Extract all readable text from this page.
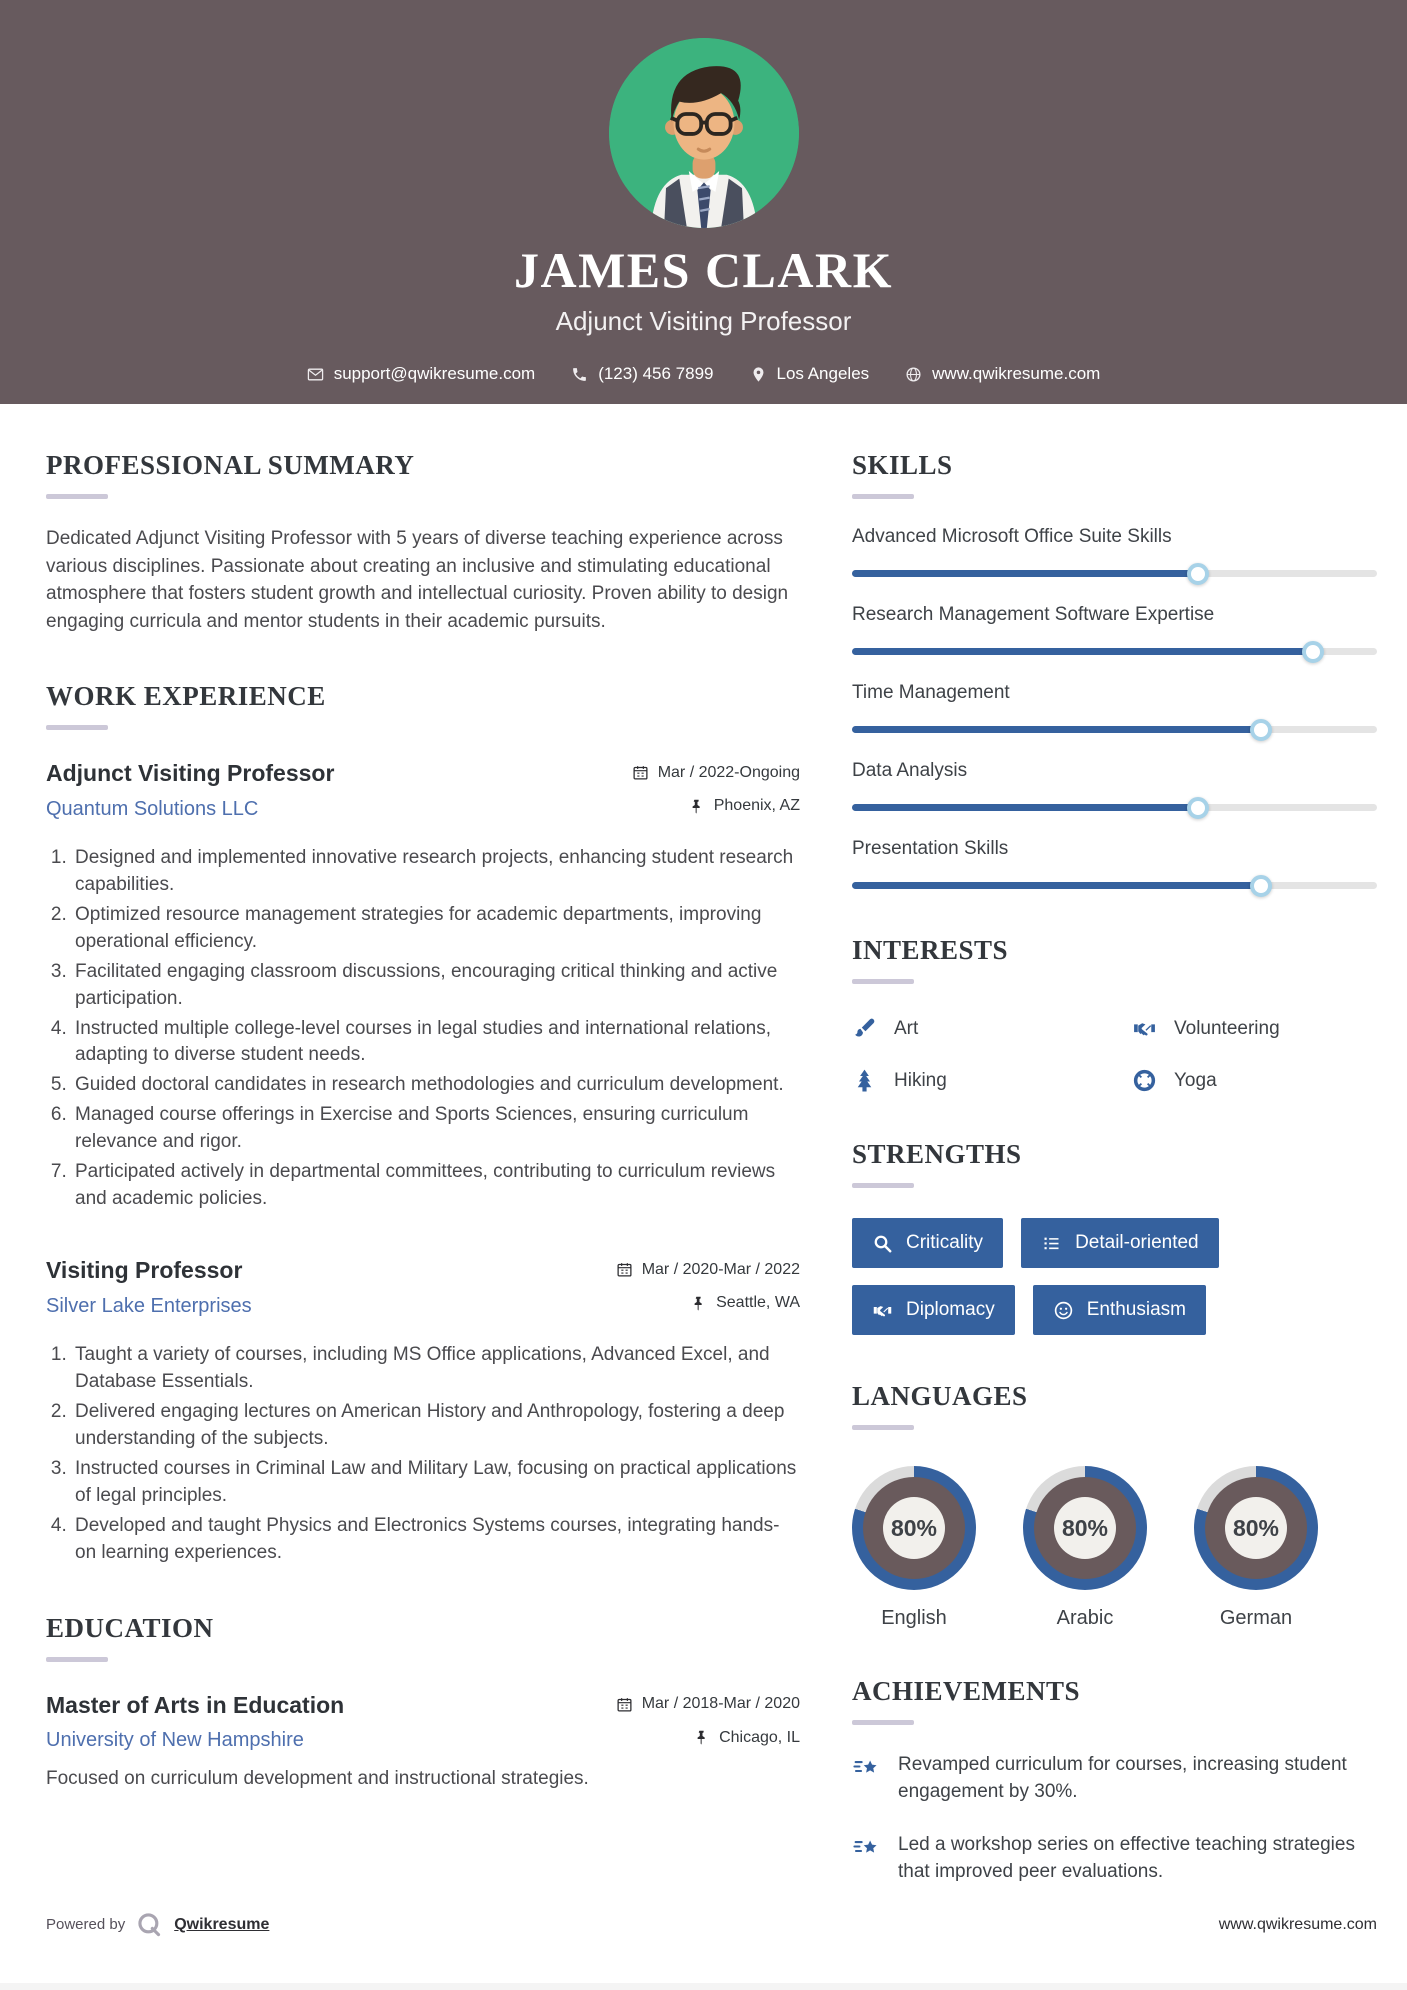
JAMES CLARK
Adjunct Visiting Professor
support@qwikresume.com	(123) 456 7899	Los Angeles	www.qwikresume.com
PROFESSIONAL SUMMARY

Dedicated Adjunct Visiting Professor with 5 years of diverse teaching experience across various disciplines. Passionate about creating an inclusive and stimulating educational atmosphere that fosters student growth and intellectual curiosity. Proven ability to design engaging curricula and mentor students in their academic pursuits.

WORK EXPERIENCE
Adjunct Visiting Professor	Mar / 2022-Ongoing
Quantum Solutions LLC	Phoenix, AZ
1. Designed and implemented innovative research projects, enhancing student research capabilities.
2. Optimized resource management strategies for academic departments, improving operational efficiency.
3. Facilitated engaging classroom discussions, encouraging critical thinking and active participation.
4. Instructed multiple college-level courses in legal studies and international relations, adapting to diverse student needs.
5. Guided doctoral candidates in research methodologies and curriculum development.
6. Managed course offerings in Exercise and Sports Sciences, ensuring curriculum relevance and rigor.
7. Participated actively in departmental committees, contributing to curriculum reviews and academic policies.
Visiting Professor	Mar / 2020-Mar / 2022
Silver Lake Enterprises	Seattle, WA
1. Taught a variety of courses, including MS Office applications, Advanced Excel, and Database Essentials.
2. Delivered engaging lectures on American History and Anthropology, fostering a deep understanding of the subjects.
3. Instructed courses in Criminal Law and Military Law, focusing on practical applications of legal principles.
4. Developed and taught Physics and Electronics Systems courses, integrating hands-on learning experiences.
EDUCATION
Master of Arts in Education	Mar / 2018-Mar / 2020
University of New Hampshire	Chicago, IL

Focused on curriculum development and instructional strategies.

SKILLS
Advanced Microsoft Office Suite Skills
Research Management Software Expertise
Time Management
Data Analysis
Presentation Skills
INTERESTS
Art	Volunteering
Hiking	Yoga
STRENGTHS
Criticality	Detail-oriented
Diplomacy	Enthusiasm
LANGUAGES
80%
English
80%
Arabic
80%
German
ACHIEVEMENTS

Revamped curriculum for courses, increasing student engagement by 30%.

Led a workshop series on effective teaching strategies that improved peer evaluations.

Powered by	Qwikresume	www.qwikresume.com
